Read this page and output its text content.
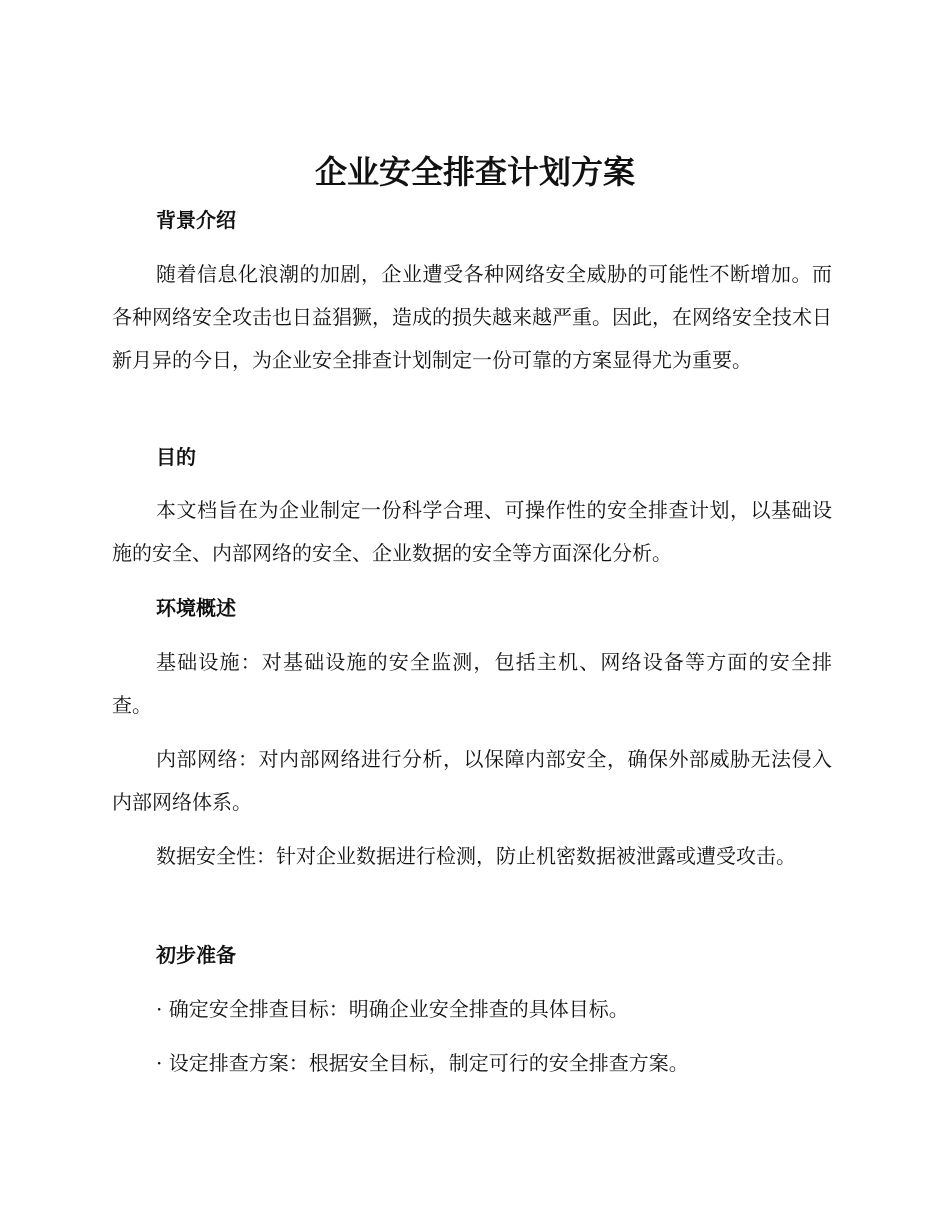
企业安全排查计划方案
背景介绍

随着信息化浪潮的加剧，企业遭受各种网络安全威胁的可能性不断增加。而各种网络安全攻击也日益猖獗，造成的损失越来越严重。因此，在网络安全技术日新月异的今日，为企业安全排查计划制定一份可靠的方案显得尤为重要。

目的

本文档旨在为企业制定一份科学合理、可操作性的安全排查计划，以基础设施的安全、内部网络的安全、企业数据的安全等方面深化分析。

环境概述

基础设施：对基础设施的安全监测，包括主机、网络设备等方面的安全排查。

内部网络：对内部网络进行分析，以保障内部安全，确保外部威胁无法侵入内部网络体系。

数据安全性：针对企业数据进行检测，防止机密数据被泄露或遭受攻击。

初步准备

· 确定安全排查目标：明确企业安全排查的具体目标。

· 设定排查方案：根据安全目标，制定可行的安全排查方案。
